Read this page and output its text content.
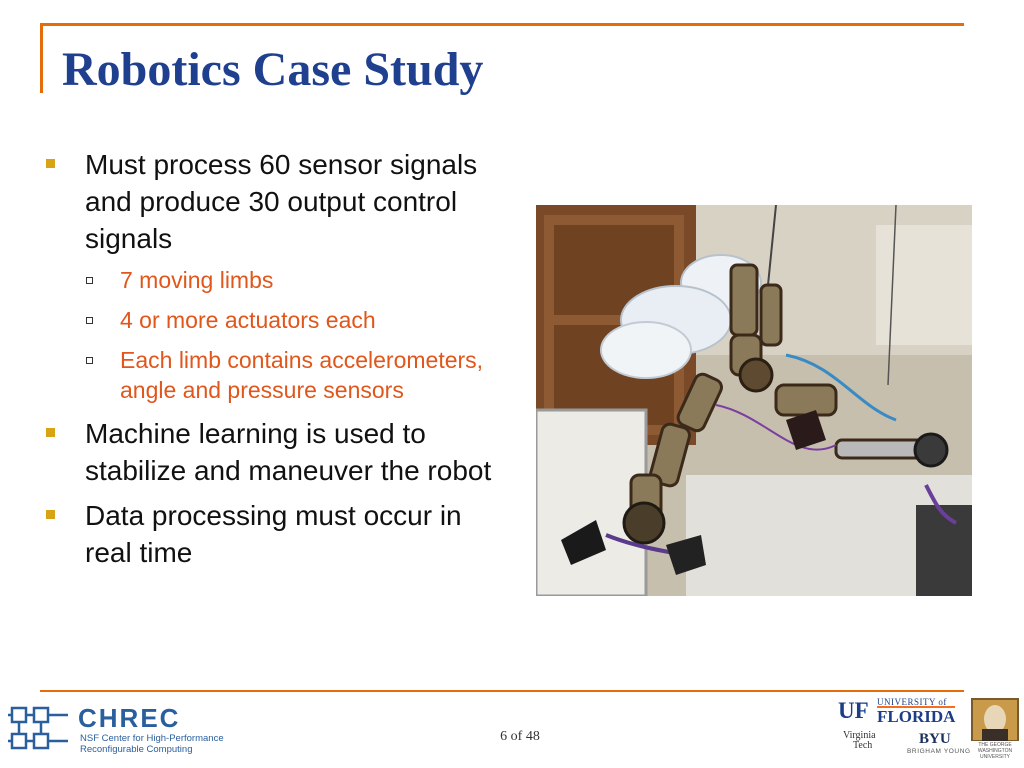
Robotics Case Study
Must process 60 sensor signals and produce 30 output control signals
7 moving limbs
4 or more actuators each
Each limb contains accelerometers, angle and pressure sensors
Machine learning is used to stabilize and maneuver the robot
Data processing must occur in real time
CHREC
NSF Center for High-Performance
Reconfigurable Computing
6 of 48
UF UNIVERSITY of
FLORIDA
Virginia
Tech	BYU
BRIGHAM YOUNG
THE GEORGE
WASHINGTON
UNIVERSITY
